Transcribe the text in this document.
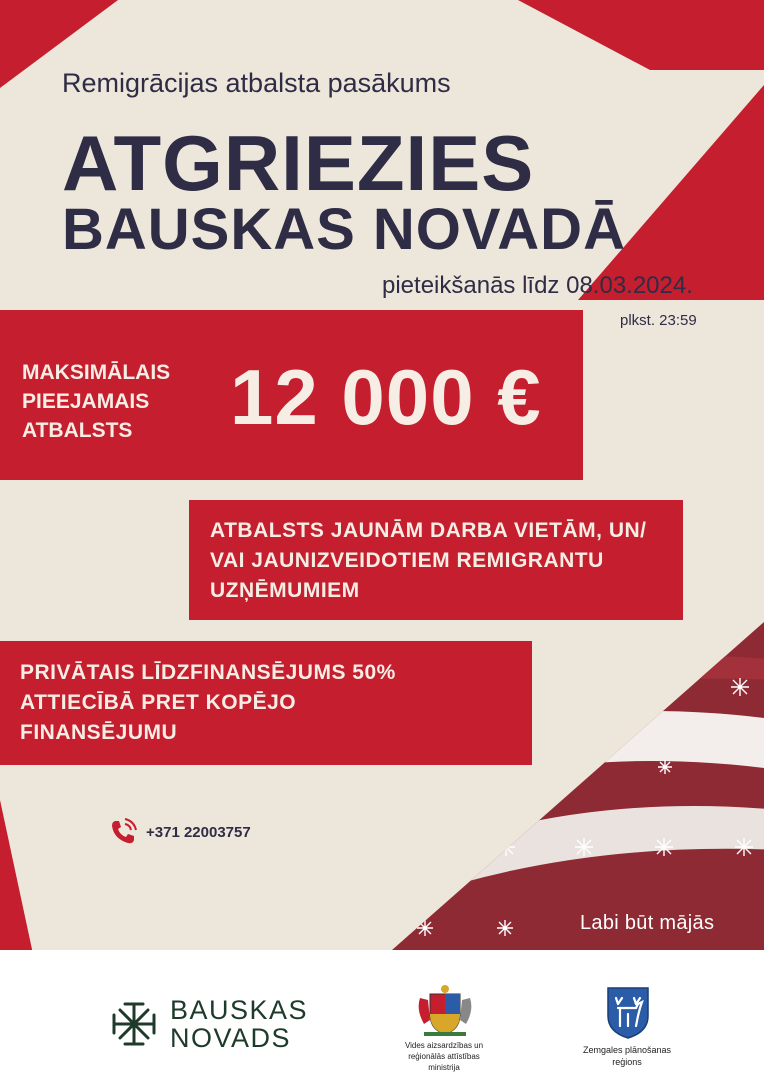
Remigrācijas atbalsta pasākums
ATGRIEZIES
BAUSKAS NOVADĀ
pieteikšanās līdz 08.03.2024.
plkst. 23:59
MAKSIMĀLAIS
PIEEJAMAIS
ATBALSTS	12 000 €
ATBALSTS JAUNĀM DARBA VIETĀM, UN/
VAI JAUNIZVEIDOTIEM REMIGRANTU
UZŅĒMUMIEM
PRIVĀTAIS LĪDZFINANSĒJUMS 50%
ATTIECĪBĀ PRET KOPĒJO
FINANSĒJUMU
+371 22003757
Labi būt mājās
BAUSKAS
NOVADS	Vides aizsardzības un
reģionālās attīstības
ministrija
Zemgales plānošanas
reģions
